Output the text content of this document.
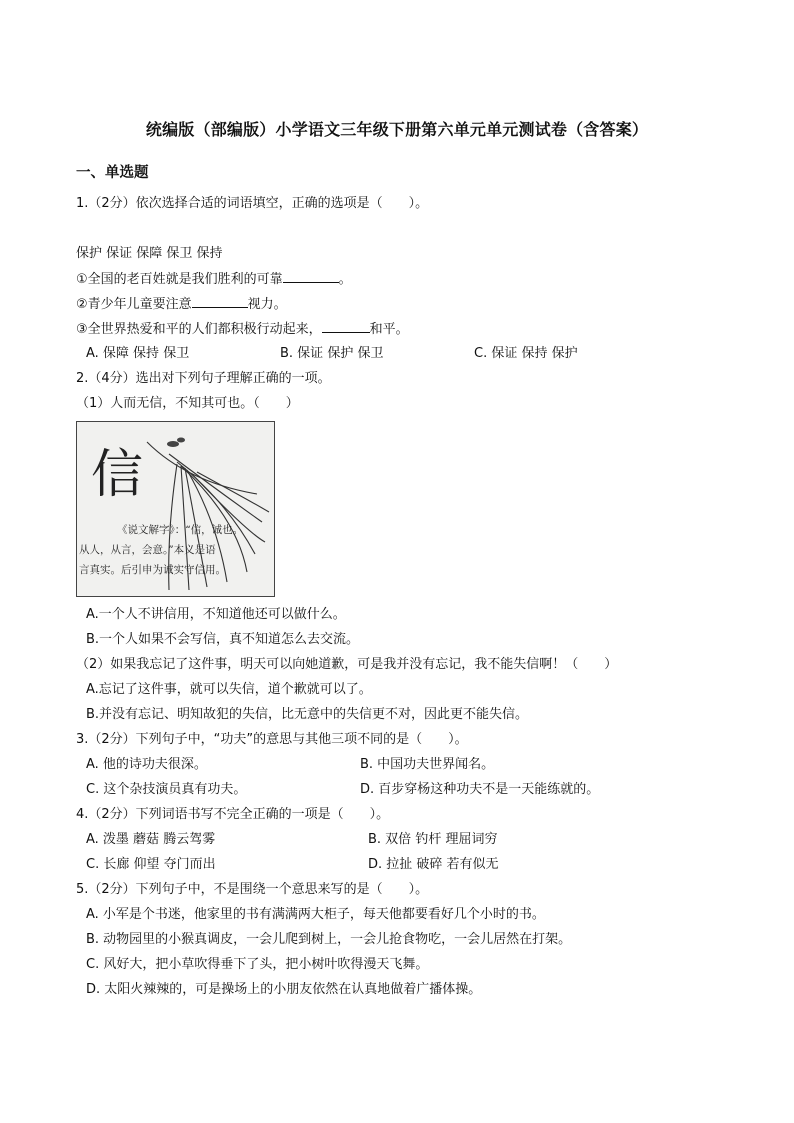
统编版（部编版）小学语文三年级下册第六单元单元测试卷（含答案）
一、单选题
1.（2分）依次选择合适的词语填空，正确的选项是（　　）。
保护 保证 保障 保卫 保持
①全国的老百姓就是我们胜利的可靠	。
②青少年儿童要注意	视力。
③全世界热爱和平的人们都积极行动起来，	和平。
A. 保障 保持 保卫	B. 保证 保护 保卫	C. 保证 保持 保护
2.（4分）选出对下列句子理解正确的一项。
（1）人而无信，不知其可也。（　　）
信
《说文解字》：“信，诚也。
从人，从言，会意。”本义是语
言真实。后引申为诚实守信用。
A.一个人不讲信用，不知道他还可以做什么。
B.一个人如果不会写信，真不知道怎么去交流。
（2）如果我忘记了这件事，明天可以向她道歉，可是我并没有忘记，我不能失信啊！（　　）
A.忘记了这件事，就可以失信，道个歉就可以了。
B.并没有忘记、明知故犯的失信，比无意中的失信更不对，因此更不能失信。
3.（2分）下列句子中，“功夫”的意思与其他三项不同的是（　　）。
A. 他的诗功夫很深。	B. 中国功夫世界闻名。
C. 这个杂技演员真有功夫。	D. 百步穿杨这种功夫不是一天能练就的。
4.（2分）下列词语书写不完全正确的一项是（　　）。
A. 泼墨 蘑菇 腾云驾雾	B. 双倍 钓杆 理屈词穷
C. 长廊 仰望 夺门而出	D. 拉扯 破碎 若有似无
5.（2分）下列句子中，不是围绕一个意思来写的是（　　）。
A. 小军是个书迷，他家里的书有满满两大柜子，每天他都要看好几个小时的书。
B. 动物园里的小猴真调皮，一会儿爬到树上，一会儿抢食物吃，一会儿居然在打架。
C. 风好大，把小草吹得垂下了头，把小树叶吹得漫天飞舞。
D. 太阳火辣辣的，可是操场上的小朋友依然在认真地做着广播体操。
